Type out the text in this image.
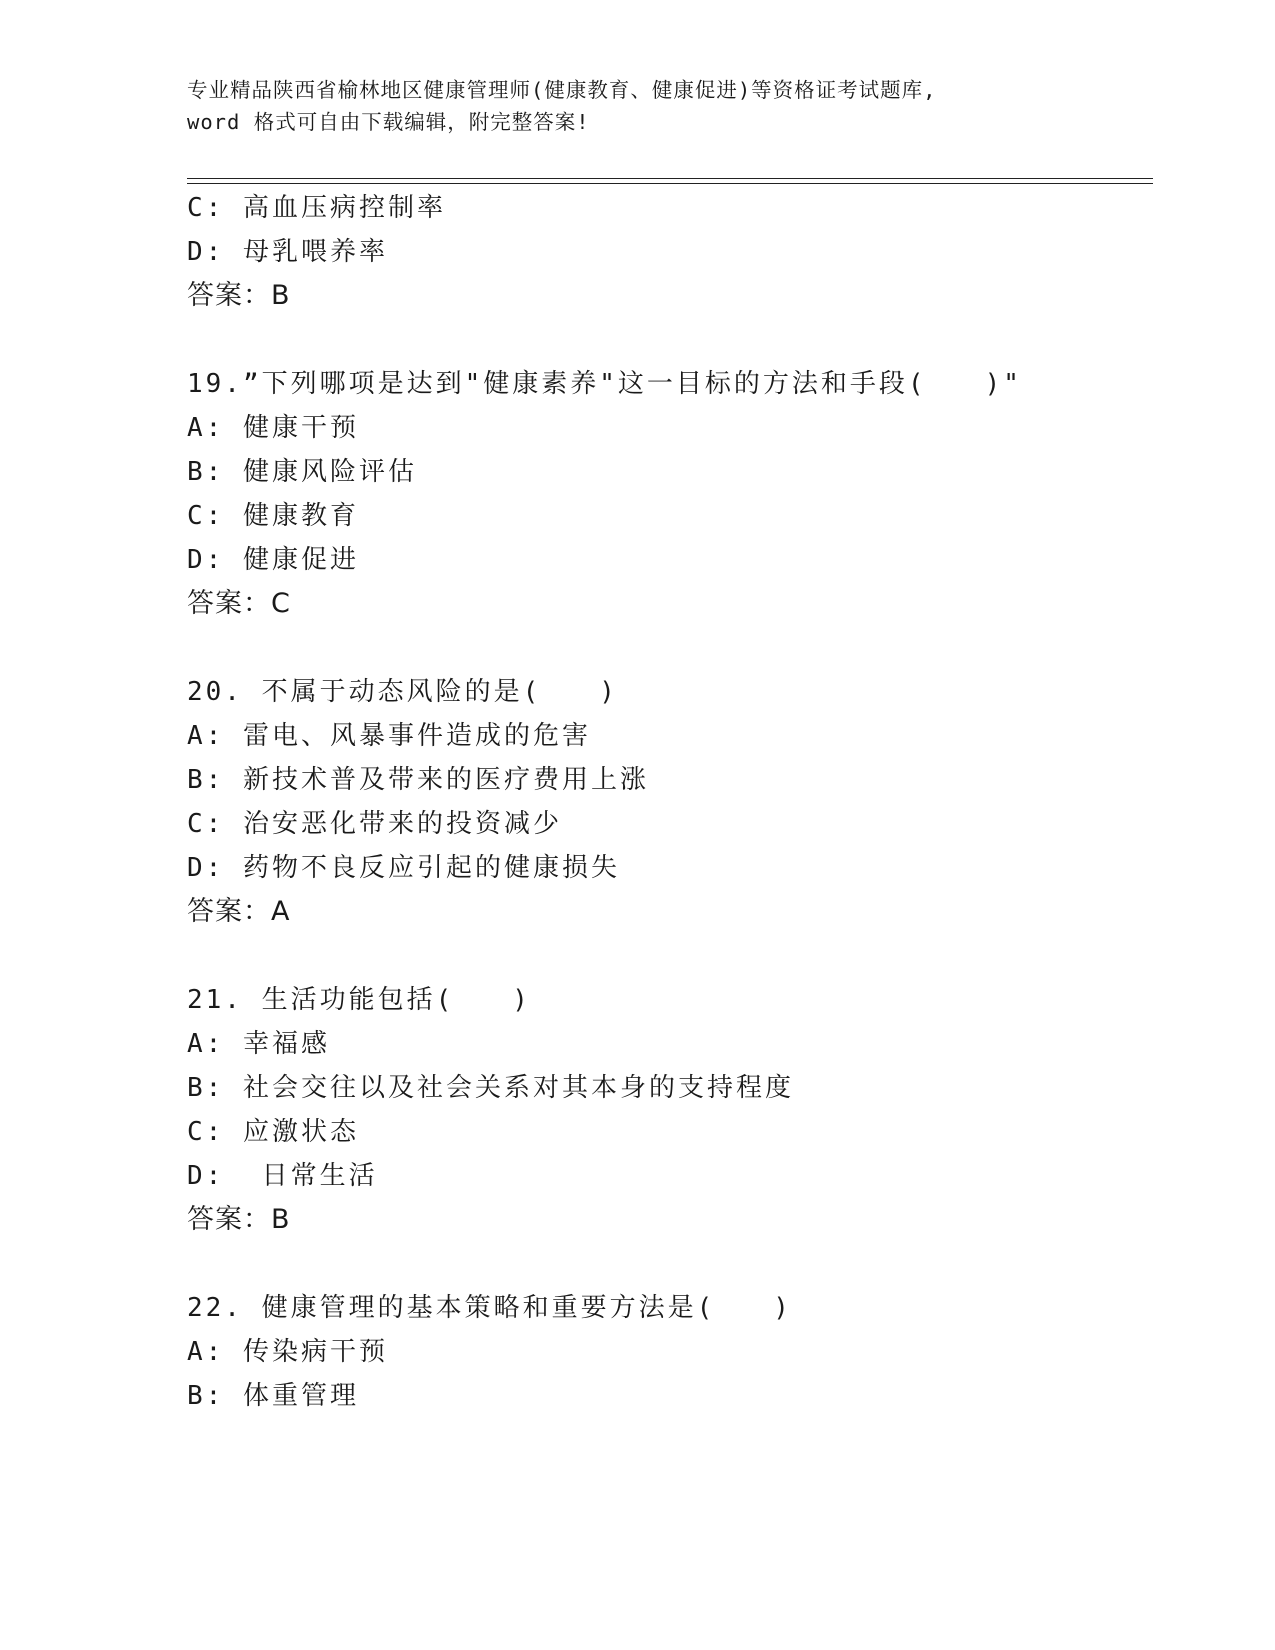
专业精品陕西省榆林地区健康管理师(健康教育、健康促进)等资格证考试题库,
word 格式可自由下载编辑，附完整答案!
C: 高血压病控制率
D: 母乳喂养率
答案：B
19.”下列哪项是达到"健康素养"这一目标的方法和手段(　　)"
A: 健康干预
B: 健康风险评估
C: 健康教育
D: 健康促进
答案：C
20. 不属于动态风险的是(　　)
A: 雷电、风暴事件造成的危害
B: 新技术普及带来的医疗费用上涨
C: 治安恶化带来的投资减少
D: 药物不良反应引起的健康损失
答案：A
21. 生活功能包括(　　)
A: 幸福感
B: 社会交往以及社会关系对其本身的支持程度
C: 应激状态
D:  日常生活
答案：B
22. 健康管理的基本策略和重要方法是(　　)
A: 传染病干预
B: 体重管理
